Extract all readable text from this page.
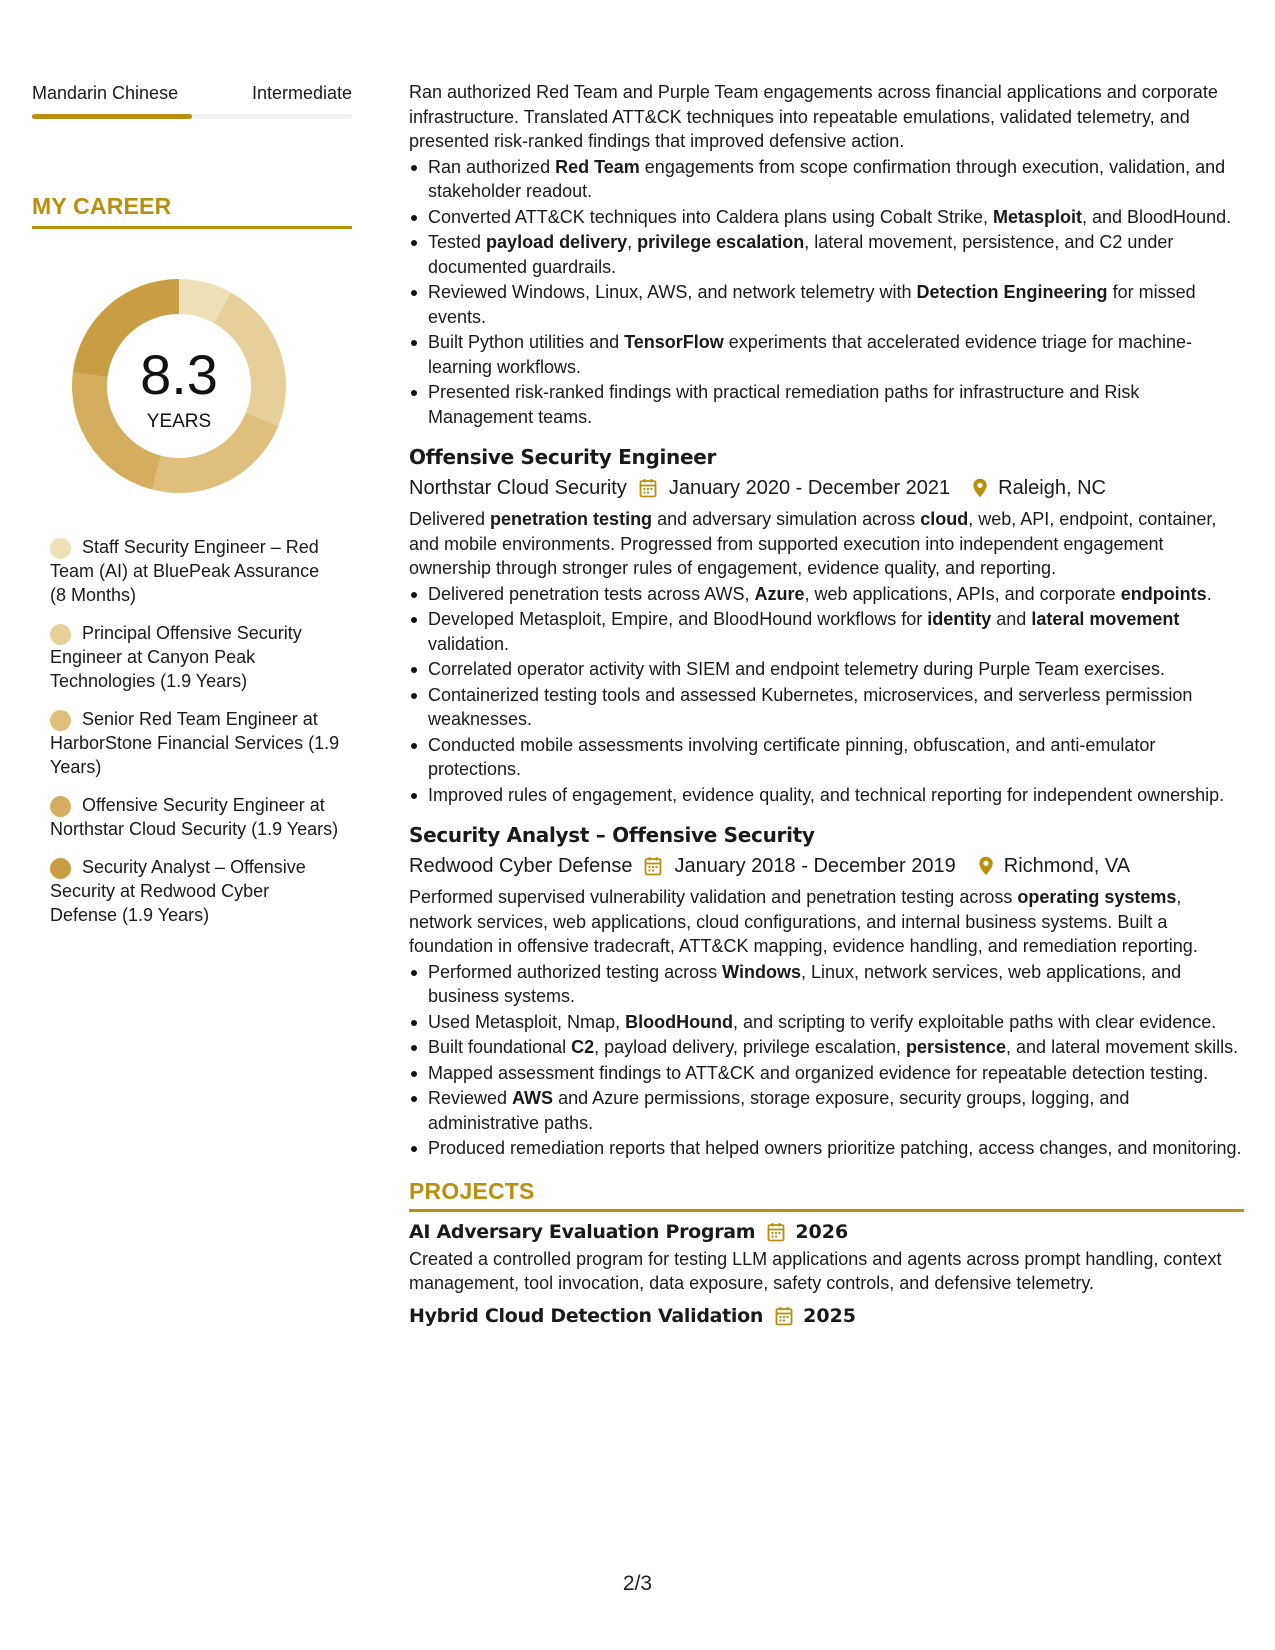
Mandarin Chinese	Intermediate
MY CAREER
8.3
YEARS
Staff Security Engineer – Red Team (AI) at BluePeak Assurance (8 Months)
Principal Offensive Security Engineer at Canyon Peak Technologies (1.9 Years)
Senior Red Team Engineer at HarborStone Financial Services (1.9 Years)
Offensive Security Engineer at Northstar Cloud Security (1.9 Years)
Security Analyst – Offensive Security at Redwood Cyber Defense (1.9 Years)

Ran authorized Red Team and Purple Team engagements across financial applications and corporate infrastructure. Translated ATT&CK techniques into repeatable emulations, validated telemetry, and presented risk-ranked findings that improved defensive action.

Ran authorized Red Team engagements from scope confirmation through execution, validation, and stakeholder readout.
Converted ATT&CK techniques into Caldera plans using Cobalt Strike, Metasploit, and BloodHound.
Tested payload delivery, privilege escalation, lateral movement, persistence, and C2 under documented guardrails.
Reviewed Windows, Linux, AWS, and network telemetry with Detection Engineering for missed events.
Built Python utilities and TensorFlow experiments that accelerated evidence triage for machine-learning workflows.
Presented risk-ranked findings with practical remediation paths for infrastructure and Risk Management teams.
Offensive Security Engineer
Northstar Cloud Security January 2020 - December 2021 Raleigh, NC

Delivered penetration testing and adversary simulation across cloud, web, API, endpoint, container, and mobile environments. Progressed from supported execution into independent engagement ownership through stronger rules of engagement, evidence quality, and reporting.

Delivered penetration tests across AWS, Azure, web applications, APIs, and corporate endpoints.
Developed Metasploit, Empire, and BloodHound workflows for identity and lateral movement validation.
Correlated operator activity with SIEM and endpoint telemetry during Purple Team exercises.
Containerized testing tools and assessed Kubernetes, microservices, and serverless permission weaknesses.
Conducted mobile assessments involving certificate pinning, obfuscation, and anti-emulator protections.
Improved rules of engagement, evidence quality, and technical reporting for independent ownership.
Security Analyst – Offensive Security
Redwood Cyber Defense January 2018 - December 2019 Richmond, VA

Performed supervised vulnerability validation and penetration testing across operating systems, network services, web applications, cloud configurations, and internal business systems. Built a foundation in offensive tradecraft, ATT&CK mapping, evidence handling, and remediation reporting.

Performed authorized testing across Windows, Linux, network services, web applications, and business systems.
Used Metasploit, Nmap, BloodHound, and scripting to verify exploitable paths with clear evidence.
Built foundational C2, payload delivery, privilege escalation, persistence, and lateral movement skills.
Mapped assessment findings to ATT&CK and organized evidence for repeatable detection testing.
Reviewed AWS and Azure permissions, storage exposure, security groups, logging, and administrative paths.
Produced remediation reports that helped owners prioritize patching, access changes, and monitoring.
PROJECTS
AI Adversary Evaluation Program 2026

Created a controlled program for testing LLM applications and agents across prompt handling, context management, tool invocation, data exposure, safety controls, and defensive telemetry.

Hybrid Cloud Detection Validation 2025
2/3
